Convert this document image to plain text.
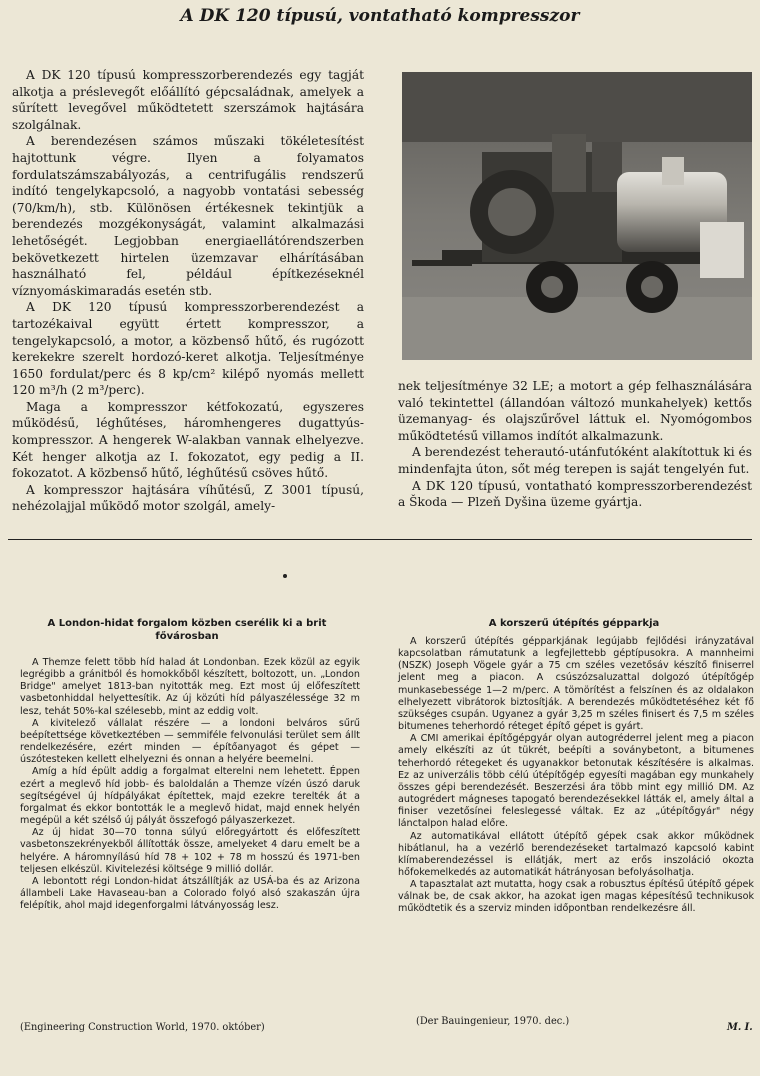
A DK 120 típusú, vontatható kompresszor

A DK 120 típusú kompresszorberendezés egy tagját alkotja a préslevegőt előállító gépcsaládnak, amelyek a sűrített levegővel működtetett szerszámok hajtására szolgálnak.

A berendezésen számos műszaki tökéletesítést hajtottunk végre. Ilyen a folyamatos fordulatszámszabályozás, a centrifugális rendszerű indító tengelykapcsoló, a nagyobb vontatási sebesség (70/km/h), stb. Különösen értékesnek tekintjük a berendezés mozgékonyságát, valamint alkalmazási lehetőségét. Legjobban energiaellátórendszerben bekövetkezett hirtelen üzemzavar elhárításában használható fel, például építkezéseknél víznyomáskimaradás esetén stb.

A DK 120 típusú kompresszorberendezést a tartozékaival együtt értett kompresszor, a tengelykapcsoló, a motor, a közbenső hűtő, és rugózott kerekekre szerelt hordozó-keret alkotja. Teljesítménye 1650 fordulat/perc és 8 kp/cm² kilépő nyomás mellett 120 m³/h (2 m³/perc).

Maga a kompresszor kétfokozatú, egyszeres működésű, léghűtéses, háromhengeres dugattyús-kompresszor. A hengerek W-alakban vannak elhelyezve. Két henger alkotja az I. fokozatot, egy pedig a II. fokozatot. A közbenső hűtő, léghűtésű csöves hűtő.

A kompresszor hajtására víhűtésű, Z 3001 típusú, nehézolajjal működő motor szolgál, amely-

nek teljesítménye 32 LE; a motort a gép felhasználására való tekintettel (állandóan változó munkahelyek) kettős üzemanyag- és olajszűrővel láttuk el. Nyomógombos működtetésű villamos indítót alkalmazunk.

A berendezést teherautó-utánfutóként alakítottuk ki és mindenfajta úton, sőt még terepen is saját tengelyén fut.

A DK 120 típusú, vontatható kompresszorberendezést a Škoda — Plzeň Dyšina üzeme gyártja.

A London-hidat forgalom közben cserélik ki a brit fővárosban

A Themze felett több híd halad át Londonban. Ezek közül az egyik legrégibb a gránitból és homokkőből készített, boltozott, un. „London Bridge" amelyet 1813-ban nyitották meg. Ezt most új előfeszített vasbetonhiddal helyettesítik. Az új közúti híd pályaszélessége 32 m lesz, tehát 50%-kal szélesebb, mint az eddig volt.

A kivitelező vállalat részére — a londoni belváros sűrű beépítettsége következtében — semmiféle felvonulási terület sem állt rendelkezésére, ezért minden — építőanyagot és gépet — úszótesteken kellett elhelyezni és onnan a helyére beemelni.

Amíg a híd épült addig a forgalmat elterelni nem lehetett. Éppen ezért a meglevő híd jobb- és baloldalán a Themze vízén úszó daruk segítségével új hídpályákat építettek, majd ezekre terelték át a forgalmat és ekkor bontották le a meglevő hidat, majd ennek helyén megépül a két szélső új pályát összefogó pályaszerkezet.

Az új hidat 30—70 tonna súlyú előregyártott és előfeszített vasbetonszekrényekből állították össze, amelyeket 4 daru emelt be a helyére. A háromnyílású híd 78 + 102 + 78 m hosszú és 1971-ben teljesen elkészül. Kivitelezési költsége 9 millió dollár.

A lebontott régi London-hidat átszállítják az USÁ-ba és az Arizona állambeli Lake Havaseau-ban a Colorado folyó alsó szakaszán újra felépítik, ahol majd idegenforgalmi látványosság lesz.

(Engineering Construction World, 1970. október)
A korszerű útépítés gépparkja

A korszerű útépítés gépparkjának legújabb fejlődési irányzatával kapcsolatban rámutatunk a legfejlettebb géptípusokra. A mannheimi (NSZK) Joseph Vögele gyár a 75 cm széles vezetősáv készítő finiserrel jelent meg a piacon. A csúszózsaluzattal dolgozó útépítőgép munkasebessége 1—2 m/perc. A tömörítést a felszínen és az oldalakon elhelyezett vibrátorok biztosítják. A berendezés működtetéséhez két fő szükséges csupán. Ugyanez a gyár 3,25 m széles finisert és 7,5 m széles bitumenes teherhordó réteget építő gépet is gyárt.

A CMI amerikai építőgépgyár olyan autogréderrel jelent meg a piacon amely elkészíti az út tükrét, beépíti a soványbetont, a bitumenes teherhordó rétegeket és ugyanakkor betonutak készítésére is alkalmas. Ez az univerzális több célú útépítőgép egyesíti magában egy munkahely összes gépi berendezését. Beszerzési ára több mint egy millió DM. Az autogrédert mágneses tapogató berendezésekkel látták el, amely által a finiser vezetősínei feleslegessé váltak. Ez az „útépítőgyár" négy lánctalpon halad előre.

Az automatikával ellátott útépítő gépek csak akkor működnek hibátlanul, ha a vezérlő berendezéseket tartalmazó kapcsoló kabint klímaberendezéssel is ellátják, mert az erős inszoláció okozta hőfokemelkedés az automatikát hátrányosan befolyásolhatja.

A tapasztalat azt mutatta, hogy csak a robusztus építésű útépítő gépek válnak be, de csak akkor, ha azokat igen magas képesítésű technikusok működtetik és a szerviz minden időpontban rendelkezésre áll.

(Der Bauingenieur, 1970. dec.)
M. I.
